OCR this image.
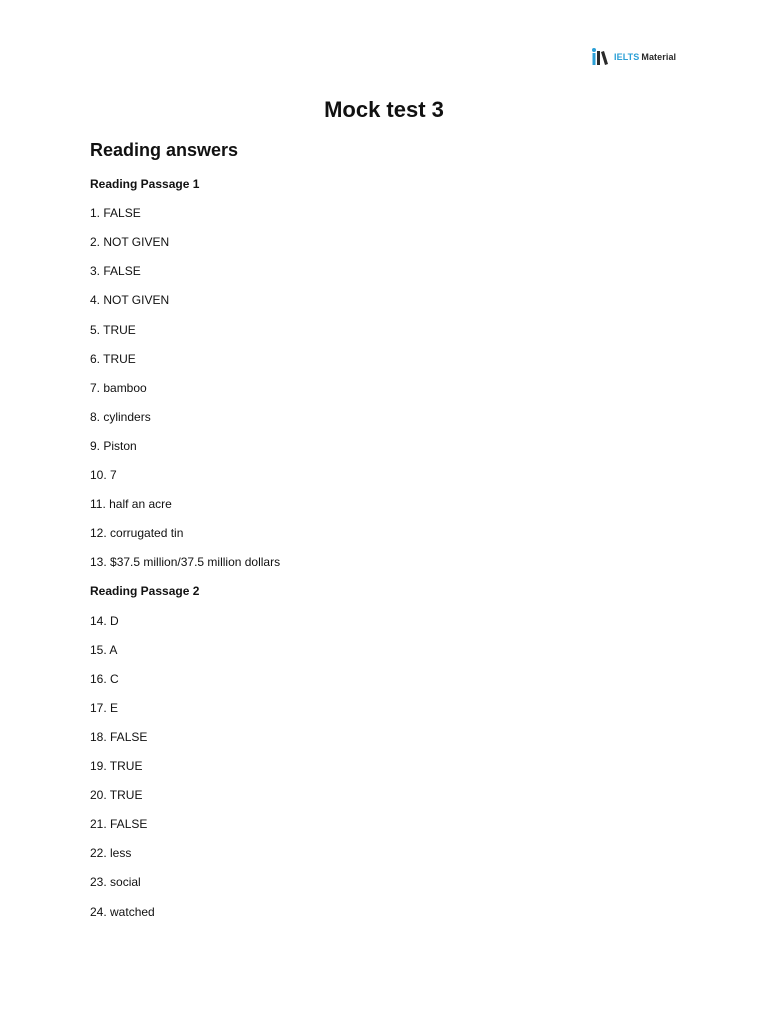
IELTS Material
Mock test 3
Reading answers
Reading Passage 1
1. FALSE
2. NOT GIVEN
3. FALSE
4. NOT GIVEN
5. TRUE
6. TRUE
7. bamboo
8. cylinders
9. Piston
10. 7
11. half an acre
12. corrugated tin
13. $37.5 million/37.5 million dollars
Reading Passage 2
14. D
15. A
16. C
17. E
18. FALSE
19. TRUE
20. TRUE
21. FALSE
22. less
23. social
24. watched
